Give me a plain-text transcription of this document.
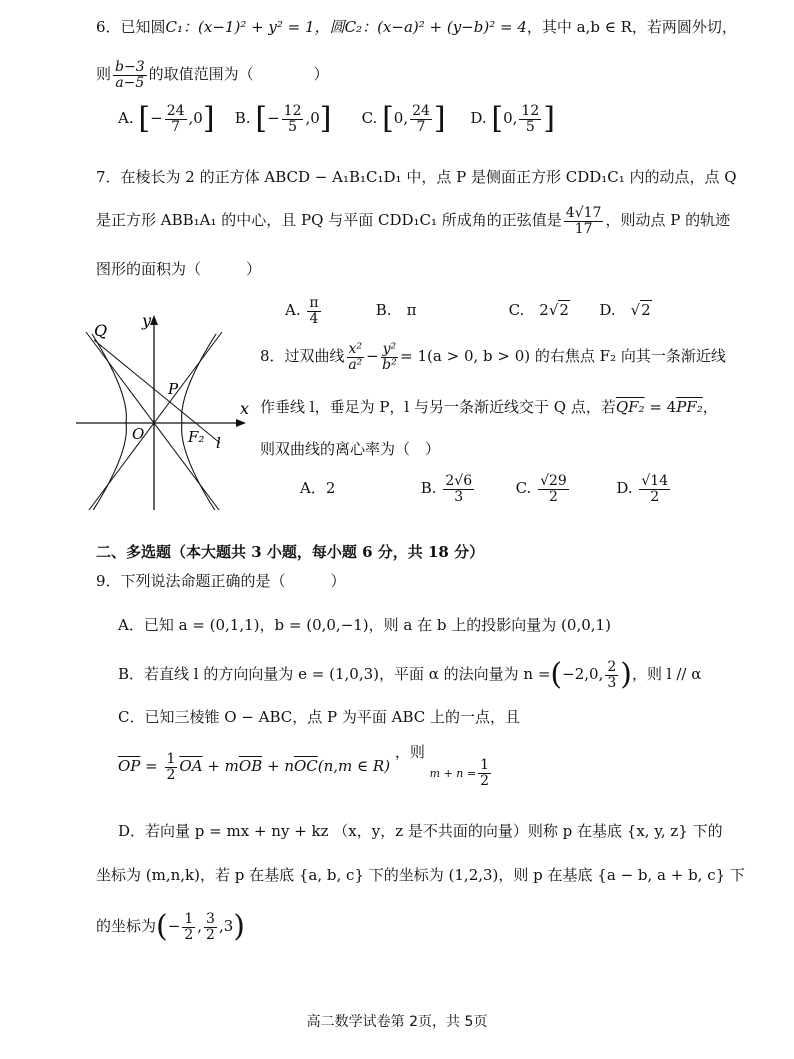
6．已知圆C₁：(x−1)² + y² = 1，圆C₂：(x−a)² + (y−b)² = 4，其中 a,b ∈ R，若两圆外切，
则 $\frac{b-3}{a-5}$ 的取值范围为（　　　　）
A. [− $\frac{24}{7} ,0$] B. [− $\frac{12}{5} ,0$] C. [0, $\frac{24}{7}$ ] D. [0, $\frac{12}{5}$ ]
7．在棱长为 2 的正方体 ABCD − A₁B₁C₁D₁ 中，点 P 是侧面正方形 CDD₁C₁ 内的动点，点 Q
是正方形 ABB₁A₁ 的中心，且 PQ 与平面 CDD₁C₁ 所成角的正弦值是 $\frac{4√17}{17}$ ，则动点 P 的轨迹
图形的面积为（　　　）
A. $\frac{\pi}{4}$	B.　π	C.　2√2 D.　√2
Q
y
P
O	F₂ l
x
8．过双曲线 $\frac{\text{x²}}{\text{a²}} - \frac{\text{y²}}{\text{b²}} = 1(a > 0$, b > 0) 的右焦点 F₂ 向其一条渐近线
作垂线 l，垂足为 P，l 与另一条渐近线交于 Q 点，若QF₂ = 4PF₂，
则双曲线的离心率为（　）
A．2	B. $\frac{2√6}{3}$	C. $\frac{√29}{2}$	D. $\frac{√14}{2}$
二、多选题（本大题共 3 小题，每小题 6 分，共 18 分）
9．下列说法命题正确的是（　　　）
A．已知 a = (0,1,1)，b = (0,0,−1)，则 a 在 b 上的投影向量为 (0,0,1)
B．若直线 l 的方向向量为 e = (1,0,3)，平面 α 的法向量为 n =(−2,0, $\frac{2}{3}$ )，则 l // α
C．已知三棱锥 O − ABC，点 P 为平面 ABC 上的一点，且
$\overline{OP} = \frac{1}{2} \overline{OA} + m\overline{OB} + n\overline{OC}(n,m$ ∈ R) ，则 $_{m + n =} \frac{1}{2}$
D．若向量 p = mx + ny + kz （x，y，z 是不共面的向量）则称 p 在基底 {x, y, z} 下的
坐标为 (m,n,k)，若 p 在基底 {a, b, c} 下的坐标为 (1,2,3)，则 p 在基底 {a − b, a + b, c} 下
的坐标为(− $\frac{1}{2}$ , $\frac{3}{2} ,3$)
高二数学试卷第 2页，共 5页
